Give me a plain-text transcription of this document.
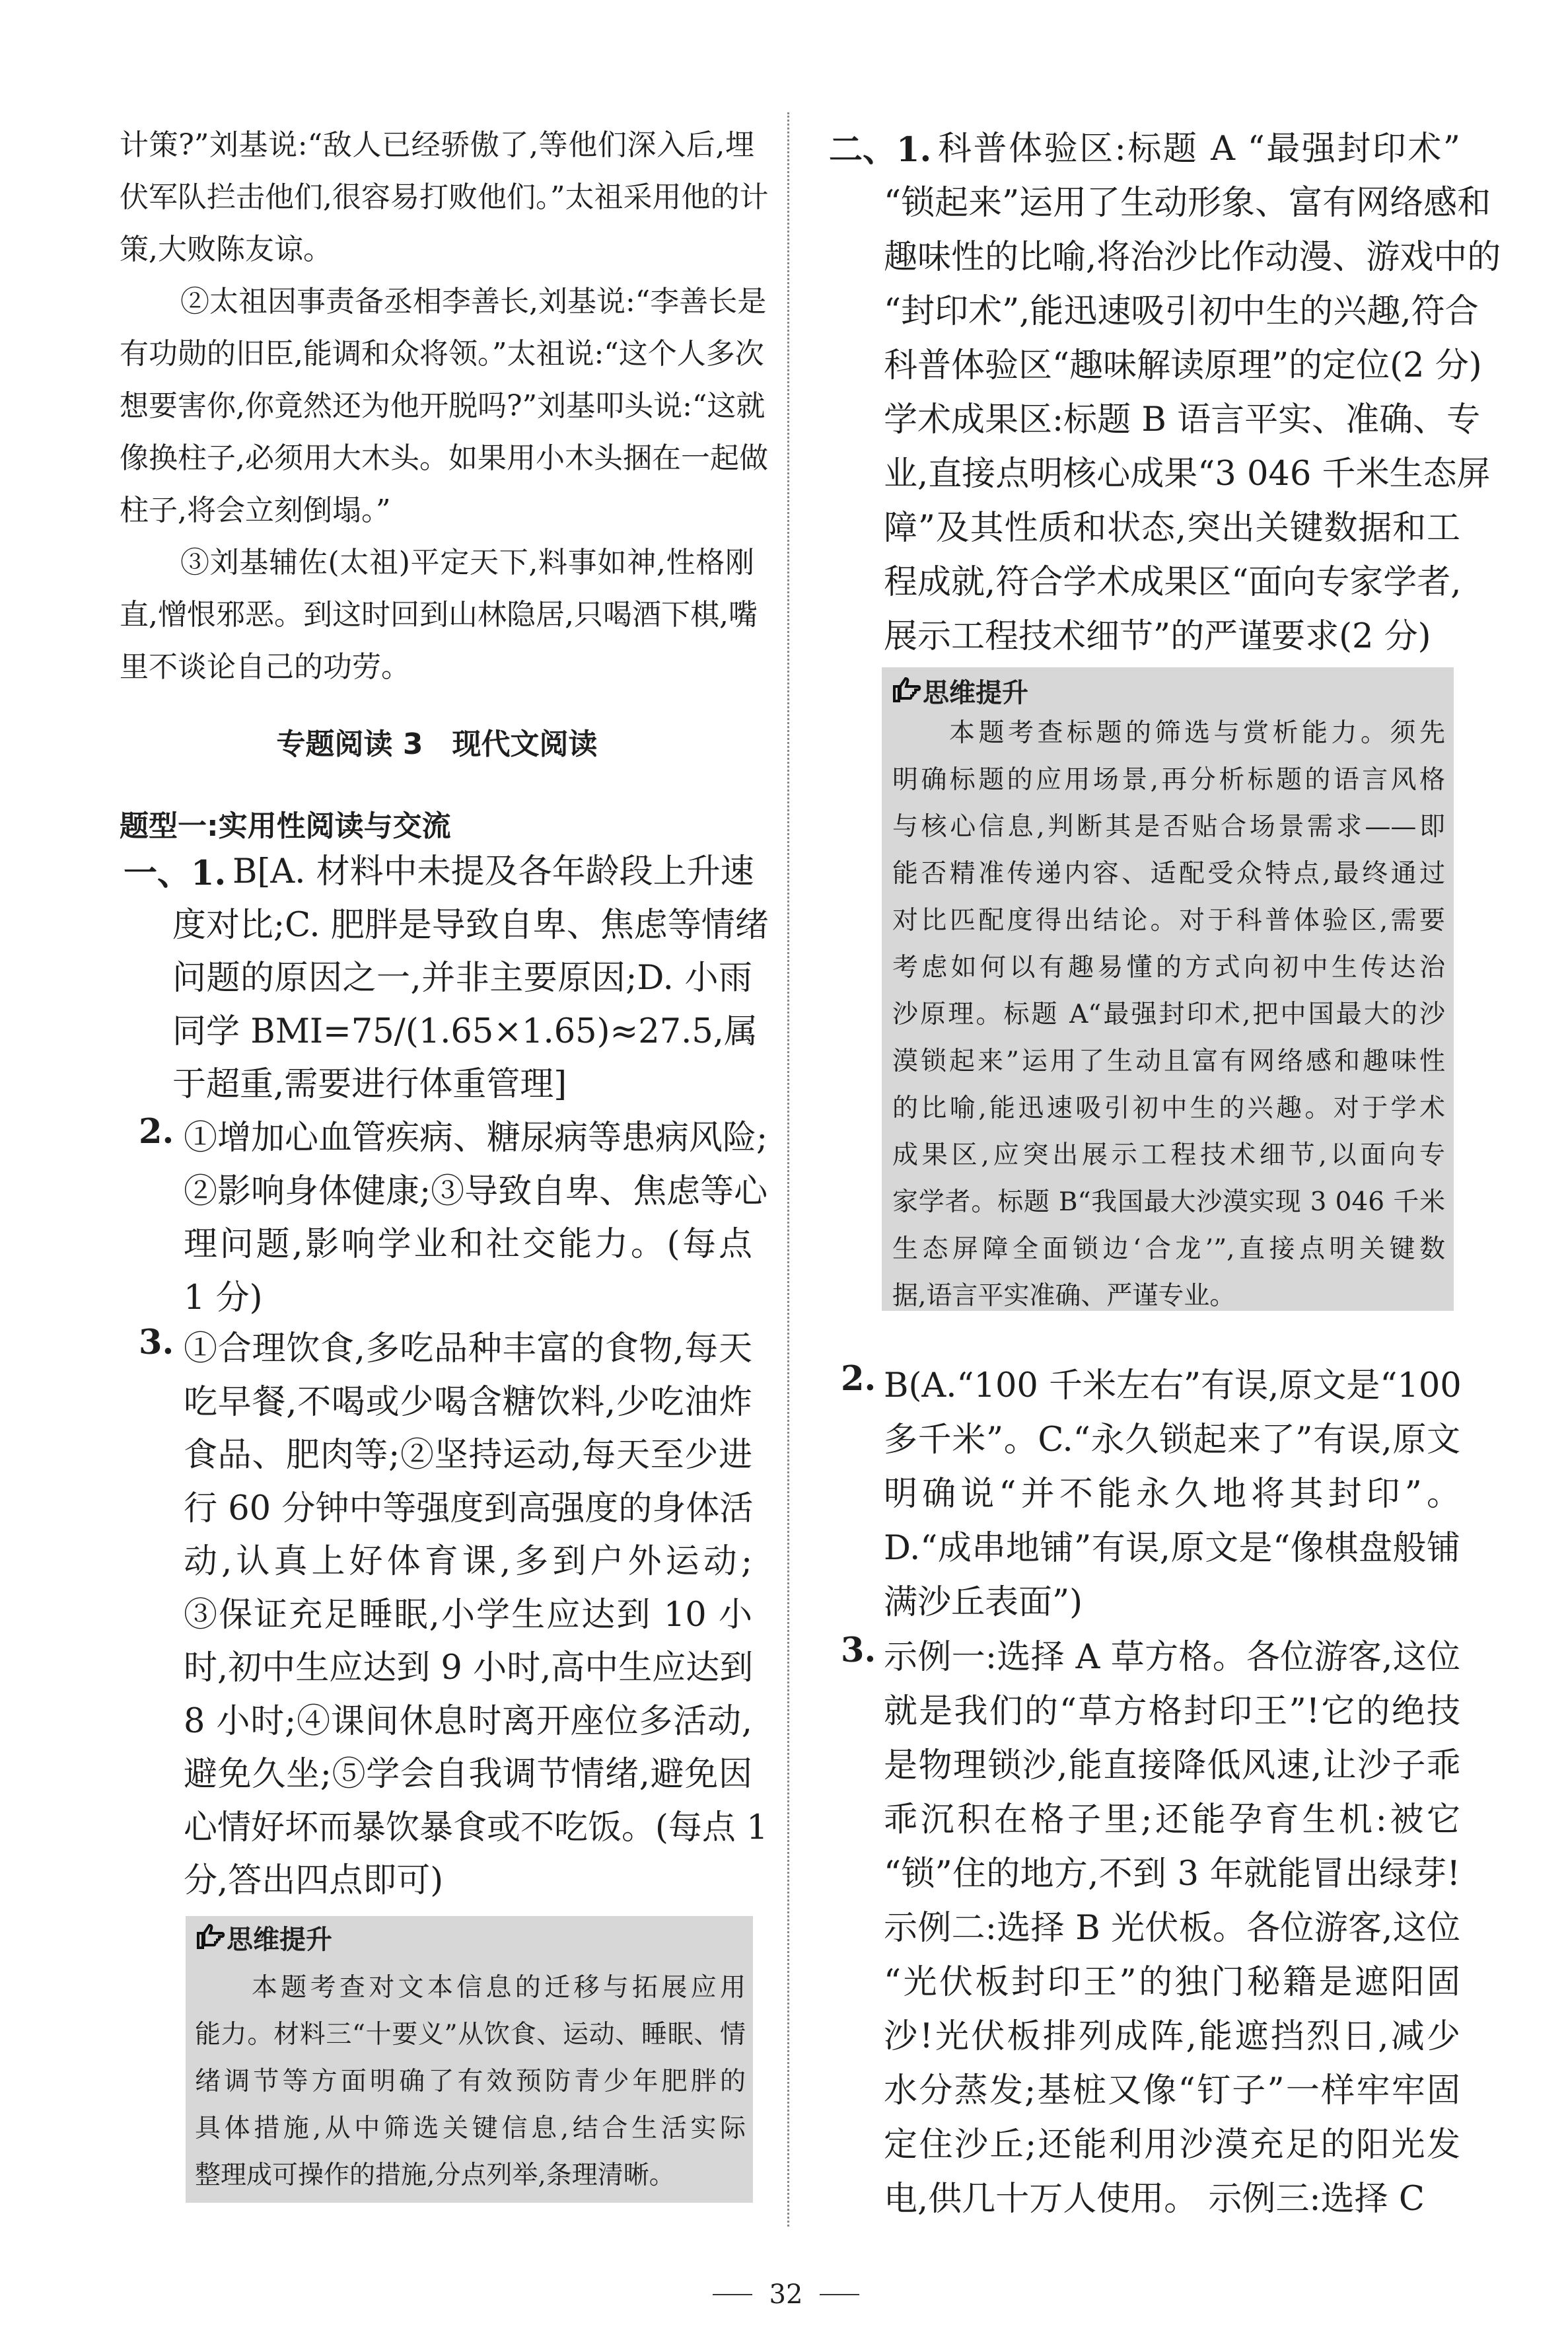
计策?”刘基说:“敌人已经骄傲了,等他们深入后,埋
伏军队拦击他们,很容易打败他们。”太祖采用他的计
策,大败陈友谅。
②太祖因事责备丞相李善长,刘基说:“李善长是
有功勋的旧臣,能调和众将领。”太祖说:“这个人多次
想要害你,你竟然还为他开脱吗?”刘基叩头说:“这就
像换柱子,必须用大木头。如果用小木头捆在一起做
柱子,将会立刻倒塌。”
③刘基辅佐(太祖)平定天下,料事如神,性格刚
直,憎恨邪恶。到这时回到山林隐居,只喝酒下棋,嘴
里不谈论自己的功劳。
专题阅读 3 现代文阅读
题型一:实用性阅读与交流
一、1. B[A. 材料中未提及各年龄段上升速
度对比;C. 肥胖是导致自卑、焦虑等情绪
问题的原因之一,并非主要原因;D. 小雨
同学 BMI=75/(1.65×1.65)≈27.5,属
于超重,需要进行体重管理]
2. ①增加心血管疾病、糖尿病等患病风险;
②影响身体健康;③导致自卑、焦虑等心
理问题,影响学业和社交能力。(每点
1 分)
3. ①合理饮食,多吃品种丰富的食物,每天
吃早餐,不喝或少喝含糖饮料,少吃油炸
食品、肥肉等;②坚持运动,每天至少进
行 60 分钟中等强度到高强度的身体活
动,认真上好体育课,多到户外运动;
③保证充足睡眠,小学生应达到 10 小
时,初中生应达到 9 小时,高中生应达到
8 小时;④课间休息时离开座位多活动,
避免久坐;⑤学会自我调节情绪,避免因
心情好坏而暴饮暴食或不吃饭。(每点 1
分,答出四点即可)
思维 提升
本题考查对文本信息的迁移与拓展应用
能力。材料三“十要义”从饮食、运动、睡眠、情
绪调节等方面明确了有效预防青少年肥胖的
具体措施,从中筛选关键信息,结合生活实际
整理成可操作的措施,分点列举,条理清晰。
二、1. 科普体验区:标题 A “最强封印术”
“锁起来”运用了生动形象、富有网络感和
趣味性的比喻,将治沙比作动漫、游戏中的
“封印术”,能迅速吸引初中生的兴趣,符合
科普体验区“趣味解读原理”的定位(2 分)
学术成果区:标题 B 语言平实、准确、专
业,直接点明核心成果“3 046 千米生态屏
障”及其性质和状态,突出关键数据和工
程成就,符合学术成果区“面向专家学者,
展示工程技术细节”的严谨要求(2 分)
思维 提升
本题考查标题的筛选与赏析能力。须先
明确标题的应用场景,再分析标题的语言风格
与核心信息,判断其是否贴合场景需求——即
能否精准传递内容、适配受众特点,最终通过
对比匹配度得出结论。对于科普体验区,需要
考虑如何以有趣易懂的方式向初中生传达治
沙原理。标题 A“最强封印术,把中国最大的沙
漠锁起来”运用了生动且富有网络感和趣味性
的比喻,能迅速吸引初中生的兴趣。对于学术
成果区,应突出展示工程技术细节,以面向专
家学者。标题 B“我国最大沙漠实现 3 046 千米
生态屏障全面锁边‘合龙’”,直接点明关键数
据,语言平实准确、严谨专业。
2. B(A.“100 千米左右”有误,原文是“100
多千米”。C.“永久锁起来了”有误,原文
明确说“并不能永久地将其封印”。
D.“成串地铺”有误,原文是“像棋盘般铺
满沙丘表面”)
3. 示例一:选择 A 草方格。各位游客,这位
就是我们的“草方格封印王”!它的绝技
是物理锁沙,能直接降低风速,让沙子乖
乖沉积在格子里;还能孕育生机:被它
“锁”住的地方,不到 3 年就能冒出绿芽!
示例二:选择 B 光伏板。各位游客,这位
“光伏板封印王”的独门秘籍是遮阳固
沙!光伏板排列成阵,能遮挡烈日,减少
水分蒸发;基桩又像“钉子”一样牢牢固
定住沙丘;还能利用沙漠充足的阳光发
电,供几十万人使用。 示例三:选择 C
32
